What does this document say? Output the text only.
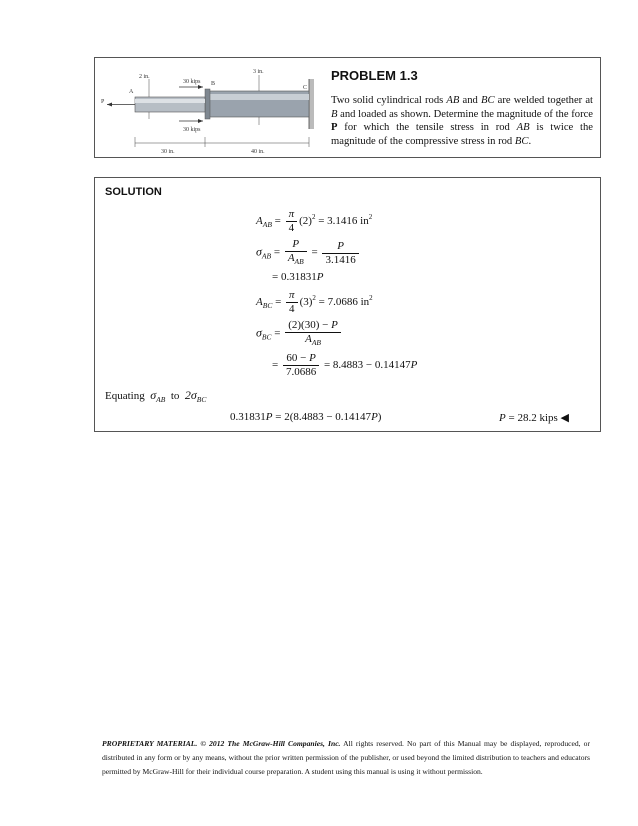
2 in.
3 in.
30 kips
30 kips
30 in.	40 in.
A
B
C
P
PROBLEM 1.3
Two solid cylindrical rods AB and BC are welded together at B and loaded as shown. Determine the magnitude of the force P for which the tensile stress in rod AB is twice the magnitude of the compressive stress in rod BC.
SOLUTION
$A_{AB} = \frac{\pi}{4} (2)^2 = 3.1416$ $in^2$
$\sigma_{AB} = \frac{P}{A_{AB}} = \frac{P}{3.1416}$
= 0.31831P
$A_{BC} = \frac{\pi}{4} (3)^2 = 7.0686$ $in^2$
$\sigma_{BC} = \frac{(2)(30) - P}{A_{AB}}$
= $\frac{60 - P}{7.0686} = 8.4883 - 0.14147P$
Equating $\sigma_{AB}$ to $2\sigma_{BC}$
0.31831P = 2(8.4883 − 0.14147P)	P = 28.2 kips ◀
PROPRIETARY MATERIAL. © 2012 The McGraw-Hill Companies, Inc. All rights reserved. No part of this Manual may be displayed, reproduced, or distributed in any form or by any means, without the prior written permission of the publisher, or used beyond the limited distribution to teachers and educators permitted by McGraw-Hill for their individual course preparation. A student using this manual is using it without permission.
